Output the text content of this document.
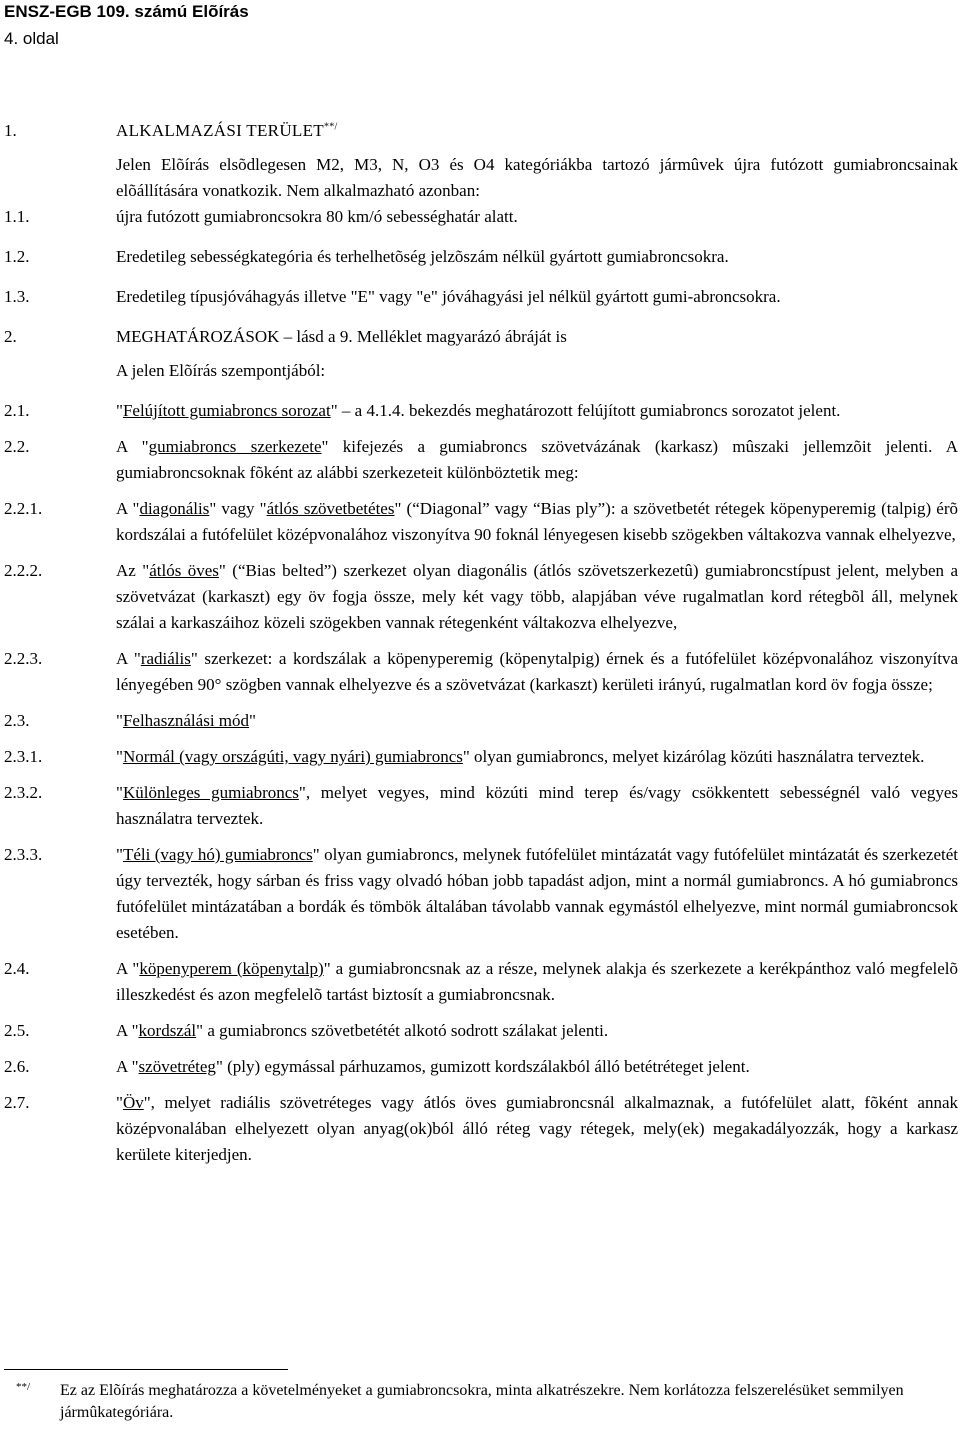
ENSZ-EGB 109. számú Elõírás
4. oldal
1.	ALKALMAZÁSI TERÜLET**/
Jelen Elõírás elsõdlegesen M2, M3, N, O3 és O4 kategóriákba tartozó jármûvek újra futózott gumiabroncsainak elõállítására vonatkozik. Nem alkalmazható azonban:
1.1.	újra futózott gumiabroncsokra 80 km/ó sebességhatár alatt.
1.2.	Eredetileg sebességkategória és terhelhetõség jelzõszám nélkül gyártott gumiabroncsokra.
1.3.	Eredetileg típusjóváhagyás illetve "E" vagy "e" jóváhagyási jel nélkül gyártott gumi-abroncsokra.
2.	MEGHATÁROZÁSOK – lásd a 9. Melléklet magyarázó ábráját is
A jelen Elõírás szempontjából:
2.1.	"Felújított gumiabroncs sorozat" – a 4.1.4. bekezdés meghatározott felújított gumiabroncs sorozatot jelent.
2.2.	A "gumiabroncs szerkezete" kifejezés a gumiabroncs szövetvázának (karkasz) mûszaki jellemzõit jelenti. A gumiabroncsoknak fõként az alábbi szerkezeteit különböztetik meg:
2.2.1.	A "diagonális" vagy "átlós szövetbetétes" (“Diagonal” vagy “Bias ply”): a szövetbetét rétegek köpenyperemig (talpig) érõ kordszálai a futófelület középvonalához viszonyítva 90 foknál lényegesen kisebb szögekben váltakozva vannak elhelyezve,
2.2.2.	Az "átlós öves" (“Bias belted”) szerkezet olyan diagonális (átlós szövetszerkezetû) gumiabroncstípust jelent, melyben a szövetvázat (karkaszt) egy öv fogja össze, mely két vagy több, alapjában véve rugalmatlan kord rétegbõl áll, melynek szálai a karkaszáihoz közeli szögekben vannak rétegenként váltakozva elhelyezve,
2.2.3.	A "radiális" szerkezet: a kordszálak a köpenyperemig (köpenytalpig) érnek és a futófelület középvonalához viszonyítva lényegében 90° szögben vannak elhelyezve és a szövetvázat (karkaszt) kerületi irányú, rugalmatlan kord öv fogja össze;
2.3.	"Felhasználási mód"
2.3.1.	"Normál (vagy országúti, vagy nyári) gumiabroncs" olyan gumiabroncs, melyet kizárólag közúti használatra terveztek.
2.3.2.	"Különleges gumiabroncs", melyet vegyes, mind közúti mind terep és/vagy csökkentett sebességnél való vegyes használatra terveztek.
2.3.3.	"Téli (vagy hó) gumiabroncs" olyan gumiabroncs, melynek futófelület mintázatát vagy futófelület mintázatát és szerkezetét úgy tervezték, hogy sárban és friss vagy olvadó hóban jobb tapadást adjon, mint a normál gumiabroncs. A hó gumiabroncs futófelület mintázatában a bordák és tömbök általában távolabb vannak egymástól elhelyezve, mint normál gumiabroncsok esetében.
2.4.	A "köpenyperem (köpenytalp)" a gumiabroncsnak az a része, melynek alakja és szerkezete a kerékpánthoz való megfelelõ illeszkedést és azon megfelelõ tartást biztosít a gumiabroncsnak.
2.5.	A "kordszál" a gumiabroncs szövetbetétét alkotó sodrott szálakat jelenti.
2.6.	A "szövetréteg" (ply) egymással párhuzamos, gumizott kordszálakból álló betétréteget jelent.
2.7.	"Öv", melyet radiális szövetréteges vagy átlós öves gumiabroncsnál alkalmaznak, a futófelület alatt, fõként annak középvonalában elhelyezett olyan anyag(ok)ból álló réteg vagy rétegek, mely(ek) megakadályozzák, hogy a karkasz kerülete kiterjedjen.
**/	Ez az Elõírás meghatározza a követelményeket a gumiabroncsokra, minta alkatrészekre. Nem korlátozza felszerelésüket semmilyen jármûkategóriára.
